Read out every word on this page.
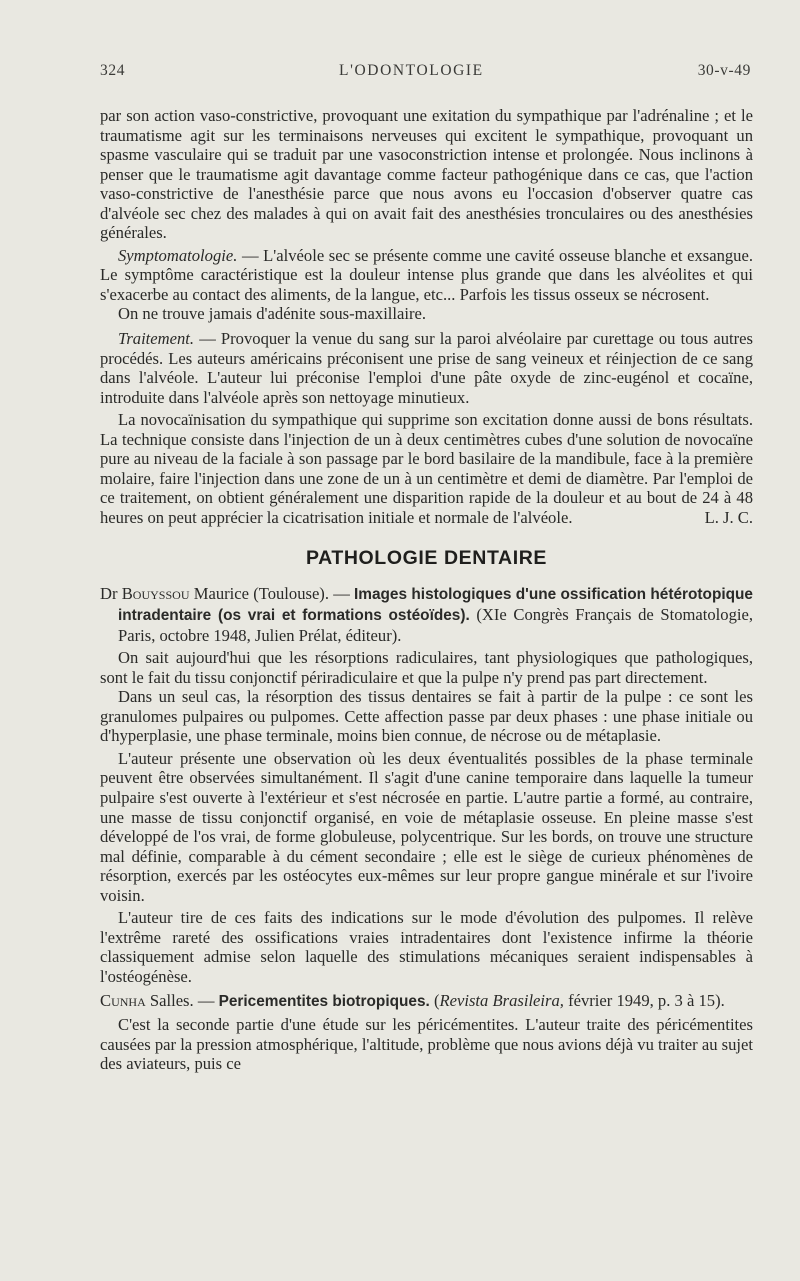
324	L'ODONTOLOGIE	30-v-49

par son action vaso-constrictive, provoquant une exitation du sympathique par l'adrénaline ; et le traumatisme agit sur les terminaisons nerveuses qui excitent le sympathique, provoquant un spasme vasculaire qui se traduit par une vasoconstriction intense et prolongée. Nous inclinons à penser que le traumatisme agit davantage comme facteur pathogénique dans ce cas, que l'action vaso-constrictive de l'anesthésie parce que nous avons eu l'occasion d'observer quatre cas d'alvéole sec chez des malades à qui on avait fait des anesthésies tronculaires ou des anesthésies générales.

Symptomatologie. — L'alvéole sec se présente comme une cavité osseuse blanche et exsangue. Le symptôme caractéristique est la douleur intense plus grande que dans les alvéolites et qui s'exacerbe au contact des aliments, de la langue, etc... Parfois les tissus osseux se nécrosent.

On ne trouve jamais d'adénite sous-maxillaire.

Traitement. — Provoquer la venue du sang sur la paroi alvéolaire par curettage ou tous autres procédés. Les auteurs américains préconisent une prise de sang veineux et réinjection de ce sang dans l'alvéole. L'auteur lui préconise l'emploi d'une pâte oxyde de zinc-eugénol et cocaïne, introduite dans l'alvéole après son nettoyage minutieux.

La novocaïnisation du sympathique qui supprime son excitation donne aussi de bons résultats. La technique consiste dans l'injection de un à deux centimètres cubes d'une solution de novocaïne pure au niveau de la faciale à son passage par le bord basilaire de la mandibule, face à la première molaire, faire l'injection dans une zone de un à un centimètre et demi de diamètre. Par l'emploi de ce traitement, on obtient généralement une disparition rapide de la douleur et au bout de 24 à 48 heures on peut apprécier la cicatrisation initiale et normale de l'alvéole.	L. J. C.

PATHOLOGIE DENTAIRE

Dr Bouyssou Maurice (Toulouse). — Images histologiques d'une ossification hétérotopique intradentaire (os vrai et formations ostéoïdes). (XIe Congrès Français de Stomatologie, Paris, octobre 1948, Julien Prélat, éditeur).

On sait aujourd'hui que les résorptions radiculaires, tant physiologiques que pathologiques, sont le fait du tissu conjonctif périradiculaire et que la pulpe n'y prend pas part directement.

Dans un seul cas, la résorption des tissus dentaires se fait à partir de la pulpe : ce sont les granulomes pulpaires ou pulpomes. Cette affection passe par deux phases : une phase initiale ou d'hyperplasie, une phase terminale, moins bien connue, de nécrose ou de métaplasie.

L'auteur présente une observation où les deux éventualités possibles de la phase terminale peuvent être observées simultanément. Il s'agit d'une canine temporaire dans laquelle la tumeur pulpaire s'est ouverte à l'extérieur et s'est nécrosée en partie. L'autre partie a formé, au contraire, une masse de tissu conjonctif organisé, en voie de métaplasie osseuse. En pleine masse s'est développé de l'os vrai, de forme globuleuse, polycentrique. Sur les bords, on trouve une structure mal définie, comparable à du cément secondaire ; elle est le siège de curieux phénomènes de résorption, exercés par les ostéocytes eux-mêmes sur leur propre gangue minérale et sur l'ivoire voisin.

L'auteur tire de ces faits des indications sur le mode d'évolution des pulpomes. Il relève l'extrême rareté des ossifications vraies intradentaires dont l'existence infirme la théorie classiquement admise selon laquelle des stimulations mécaniques seraient indispensables à l'ostéogénèse.

Cunha Salles. — Pericementites biotropiques. (Revista Brasileira, février 1949, p. 3 à 15).

C'est la seconde partie d'une étude sur les péricémentites. L'auteur traite des péricémentites causées par la pression atmosphérique, l'altitude, problème que nous avions déjà vu traiter au sujet des aviateurs, puis ce
